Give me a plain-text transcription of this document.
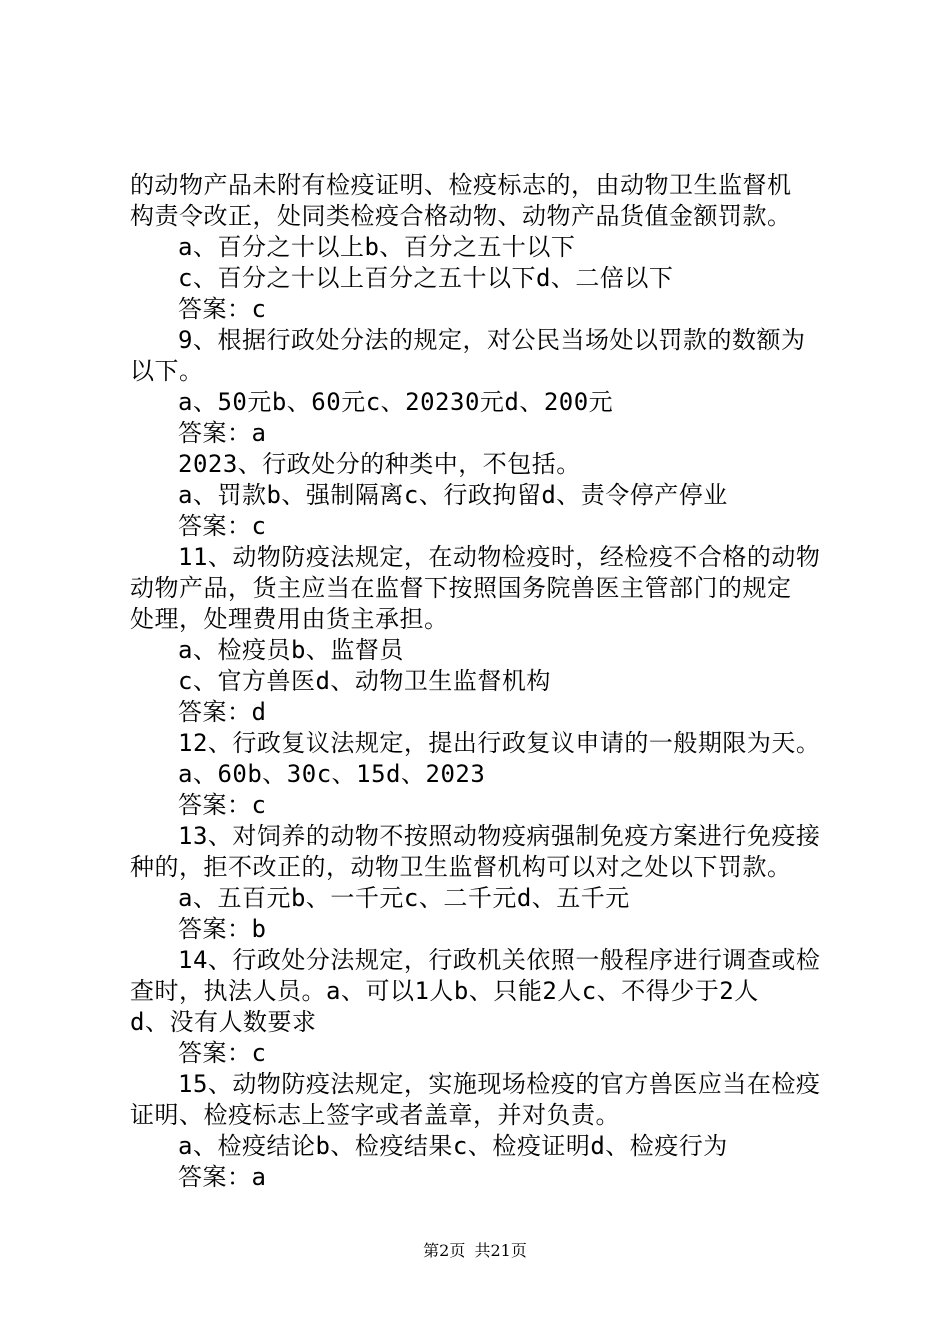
的动物产品未附有检疫证明、检疫标志的，由动物卫生监督机
构责令改正，处同类检疫合格动物、动物产品货值金额罚款。
a、百分之十以上b、百分之五十以下
c、百分之十以上百分之五十以下d、二倍以下
答案：c
9、根据行政处分法的规定，对公民当场处以罚款的数额为
以下。
a、50元b、60元c、20230元d、200元
答案：a
2023、行政处分的种类中，不包括。
a、罚款b、强制隔离c、行政拘留d、责令停产停业
答案：c
11、动物防疫法规定，在动物检疫时，经检疫不合格的动物
动物产品，货主应当在监督下按照国务院兽医主管部门的规定
处理，处理费用由货主承担。
a、检疫员b、监督员
c、官方兽医d、动物卫生监督机构
答案：d
12、行政复议法规定，提出行政复议申请的一般期限为天。
a、60b、30c、15d、2023
答案：c
13、对饲养的动物不按照动物疫病强制免疫方案进行免疫接
种的，拒不改正的，动物卫生监督机构可以对之处以下罚款。
a、五百元b、一千元c、二千元d、五千元
答案：b
14、行政处分法规定，行政机关依照一般程序进行调查或检
查时，执法人员。a、可以1人b、只能2人c、不得少于2人
d、没有人数要求
答案：c
15、动物防疫法规定，实施现场检疫的官方兽医应当在检疫
证明、检疫标志上签字或者盖章，并对负责。
a、检疫结论b、检疫结果c、检疫证明d、检疫行为
答案：a
第2页 共21页
